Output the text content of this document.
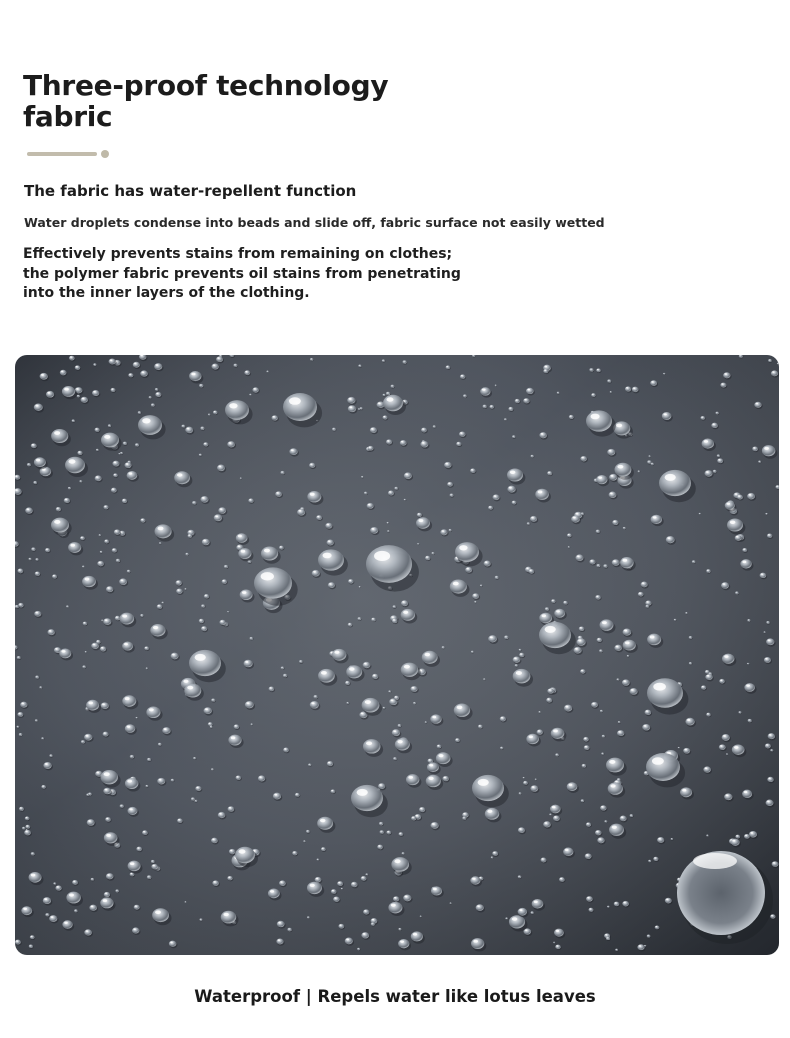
Three-proof technology
fabric

The fabric has water-repellent function

Water droplets condense into beads and slide off, fabric surface not easily wetted

Effectively prevents stains from remaining on clothes;
the polymer fabric prevents oil stains from penetrating
into the inner layers of the clothing.

Waterproof | Repels water like lotus leaves
